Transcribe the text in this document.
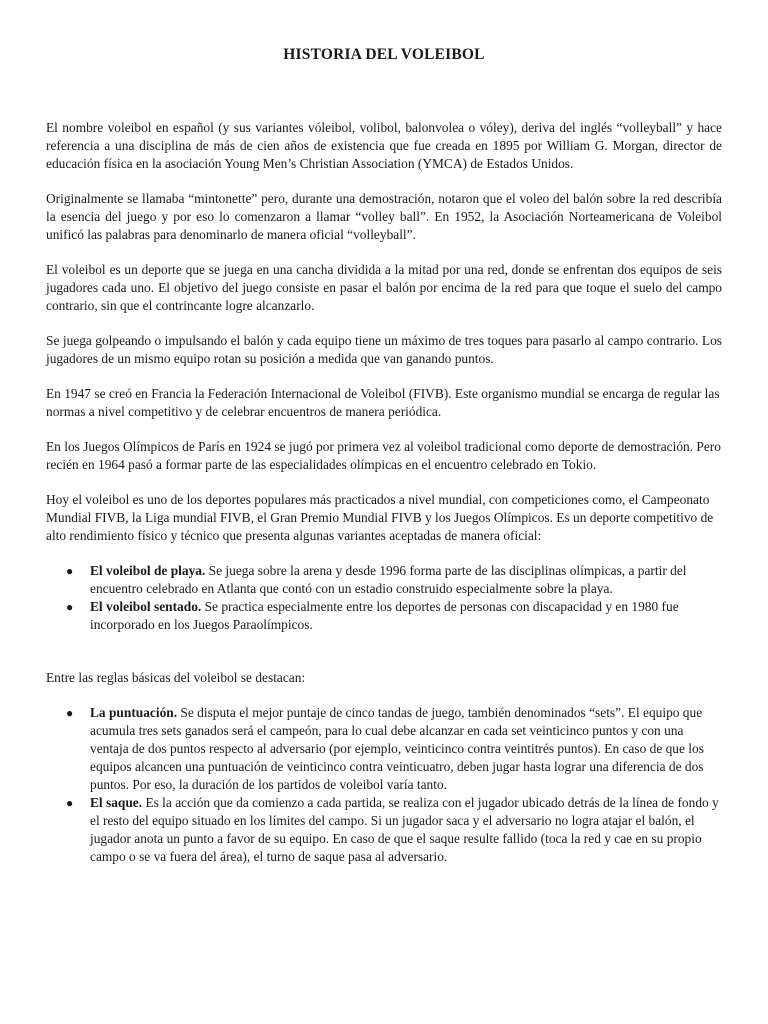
HISTORIA DEL VOLEIBOL

El nombre voleibol en español (y sus variantes vóleibol, volibol, balonvolea o vóley), deriva del inglés “volleyball” y hace referencia a una disciplina de más de cien años de existencia que fue creada en 1895 por William G. Morgan, director de educación física en la asociación Young Men’s Christian Association (YMCA) de Estados Unidos.

Originalmente se llamaba “mintonette” pero, durante una demostración, notaron que el voleo del balón sobre la red describía la esencia del juego y por eso lo comenzaron a llamar “volley ball”. En 1952, la Asociación Norteamericana de Voleibol unificó las palabras para denominarlo de manera oficial “volleyball”.

El voleibol es un deporte que se juega en una cancha dividida a la mitad por una red, donde se enfrentan dos equipos de seis jugadores cada uno. El objetivo del juego consiste en pasar el balón por encima de la red para que toque el suelo del campo contrario, sin que el contrincante logre alcanzarlo.

Se juega golpeando o impulsando el balón y cada equipo tiene un máximo de tres toques para pasarlo al campo contrario. Los jugadores de un mismo equipo rotan su posición a medida que van ganando puntos.

En 1947 se creó en Francia la Federación Internacional de Voleibol (FIVB). Este organismo mundial se encarga de regular las normas a nivel competitivo y de celebrar encuentros de manera periódica.

En los Juegos Olímpicos de París en 1924 se jugó por primera vez al voleibol tradicional como deporte de demostración. Pero recién en 1964 pasó a formar parte de las especialidades olímpicas en el encuentro celebrado en Tokio.

Hoy el voleibol es uno de los deportes populares más practicados a nivel mundial, con competiciones como, el Campeonato Mundial FIVB, la Liga mundial FIVB, el Gran Premio Mundial FIVB y los Juegos Olímpicos. Es un deporte competitivo de alto rendimiento físico y técnico que presenta algunas variantes aceptadas de manera oficial:

● El voleibol de playa. Se juega sobre la arena y desde 1996 forma parte de las disciplinas olímpicas, a partir del encuentro celebrado en Atlanta que contó con un estadio construido especialmente sobre la playa.
● El voleibol sentado. Se practica especialmente entre los deportes de personas con discapacidad y en 1980 fue incorporado en los Juegos Paraolímpicos.

Entre las reglas básicas del voleibol se destacan:

● La puntuación. Se disputa el mejor puntaje de cinco tandas de juego, también denominados “sets”. El equipo que acumula tres sets ganados será el campeón, para lo cual debe alcanzar en cada set veinticinco puntos y con una ventaja de dos puntos respecto al adversario (por ejemplo, veinticinco contra veintitrés puntos). En caso de que los equipos alcancen una puntuación de veinticinco contra veinticuatro, deben jugar hasta lograr una diferencia de dos puntos. Por eso, la duración de los partidos de voleibol varía tanto.
● El saque. Es la acción que da comienzo a cada partida, se realiza con el jugador ubicado detrás de la línea de fondo y el resto del equipo situado en los límites del campo. Si un jugador saca y el adversario no logra atajar el balón, el jugador anota un punto a favor de su equipo. En caso de que el saque resulte fallido (toca la red y cae en su propio campo o se va fuera del área), el turno de saque pasa al adversario.
